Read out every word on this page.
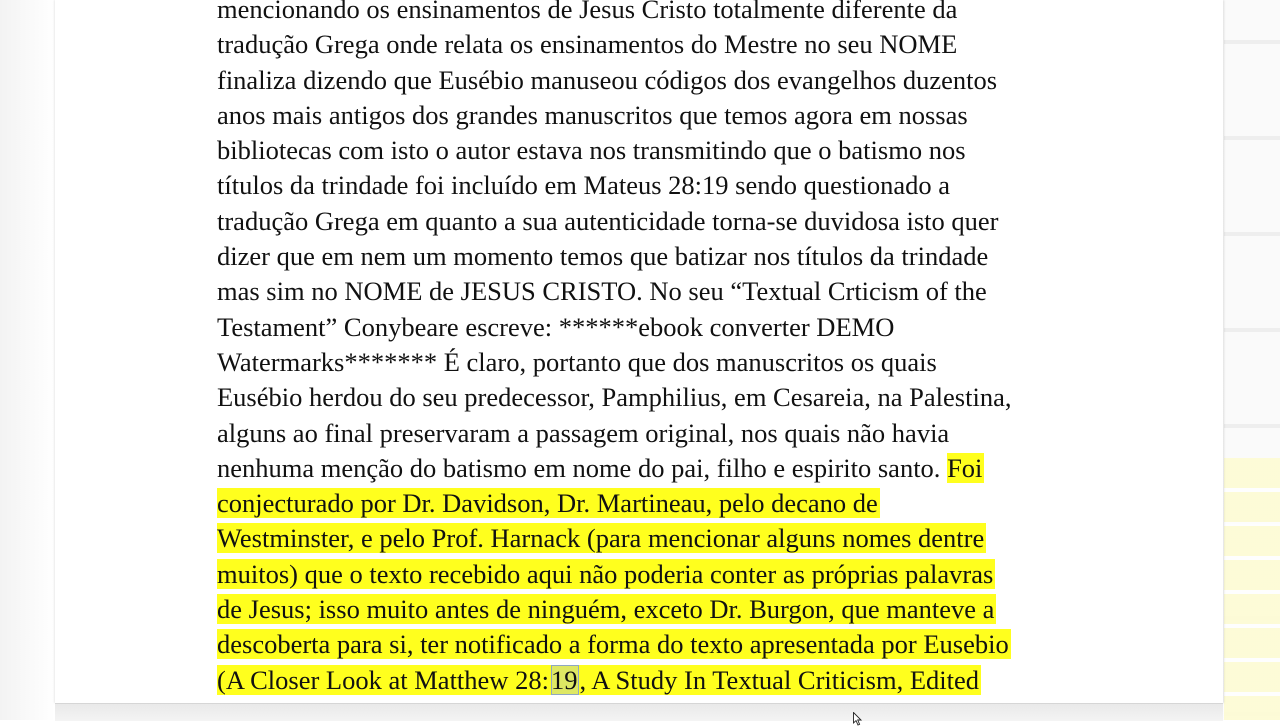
mencionando os ensinamentos de Jesus Cristo totalmente diferente da
tradução Grega onde relata os ensinamentos do Mestre no seu NOME
finaliza dizendo que Eusébio manuseou códigos dos evangelhos duzentos
anos mais antigos dos grandes manuscritos que temos agora em nossas
bibliotecas com isto o autor estava nos transmitindo que o batismo nos
títulos da trindade foi incluído em Mateus 28:19 sendo questionado a
tradução Grega em quanto a sua autenticidade torna-se duvidosa isto quer
dizer que em nem um momento temos que batizar nos títulos da trindade
mas sim no NOME de JESUS CRISTO. No seu “Textual Crticism of the
Testament” Conybeare escreve: ******ebook converter DEMO
Watermarks******* É claro, portanto que dos manuscritos os quais
Eusébio herdou do seu predecessor, Pamphilius, em Cesareia, na Palestina,
alguns ao final preservaram a passagem original, nos quais não havia
nenhuma menção do batismo em nome do pai, filho e espirito santo. Foi
conjecturado por Dr. Davidson, Dr. Martineau, pelo decano de
Westminster, e pelo Prof. Harnack (para mencionar alguns nomes dentre
muitos) que o texto recebido aqui não poderia conter as próprias palavras
de Jesus; isso muito antes de ninguém, exceto Dr. Burgon, que manteve a
descoberta para si, ter notificado a forma do texto apresentada por Eusebio
(A Closer Look at Matthew 28:19, A Study In Textual Criticism, Edited
